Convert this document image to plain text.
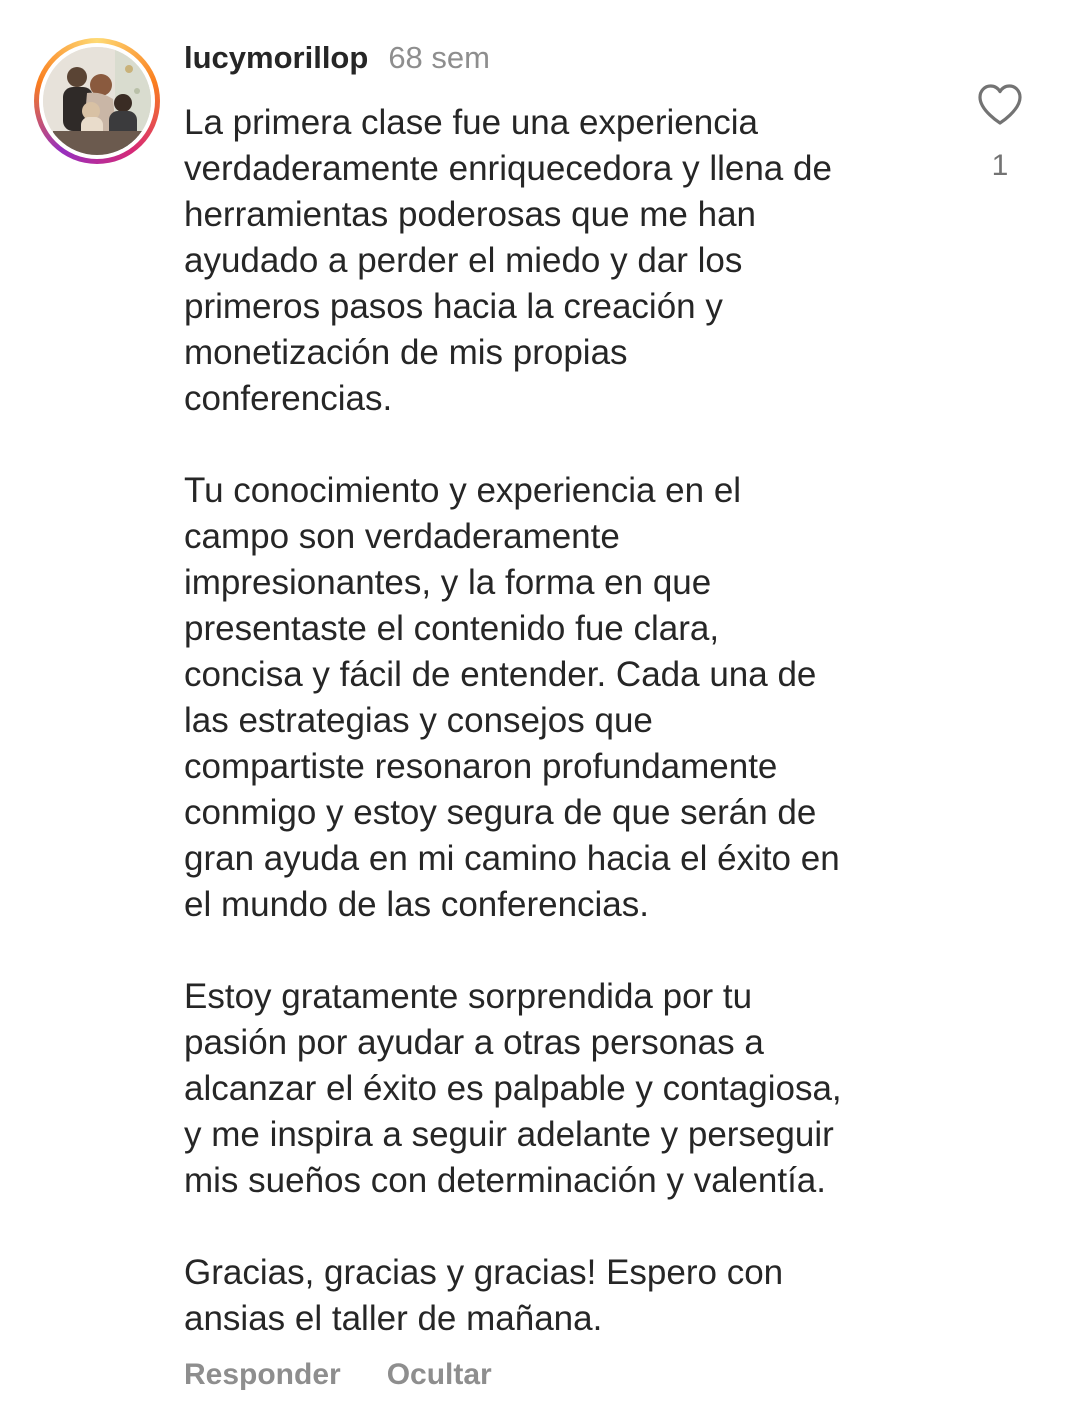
lucymorillop 68 sem

La primera clase fue una experiencia
verdaderamente enriquecedora y llena de
herramientas poderosas que me han
ayudado a perder el miedo y dar los
primeros pasos hacia la creación y
monetización de mis propias
conferencias.

Tu conocimiento y experiencia en el
campo son verdaderamente
impresionantes, y la forma en que
presentaste el contenido fue clara,
concisa y fácil de entender. Cada una de
las estrategias y consejos que
compartiste resonaron profundamente
conmigo y estoy segura de que serán de
gran ayuda en mi camino hacia el éxito en
el mundo de las conferencias.

Estoy gratamente sorprendida por tu
pasión por ayudar a otras personas a
alcanzar el éxito es palpable y contagiosa,
y me inspira a seguir adelante y perseguir
mis sueños con determinación y valentía.

Gracias, gracias y gracias! Espero con
ansias el taller de mañana.

Responder Ocultar
1
